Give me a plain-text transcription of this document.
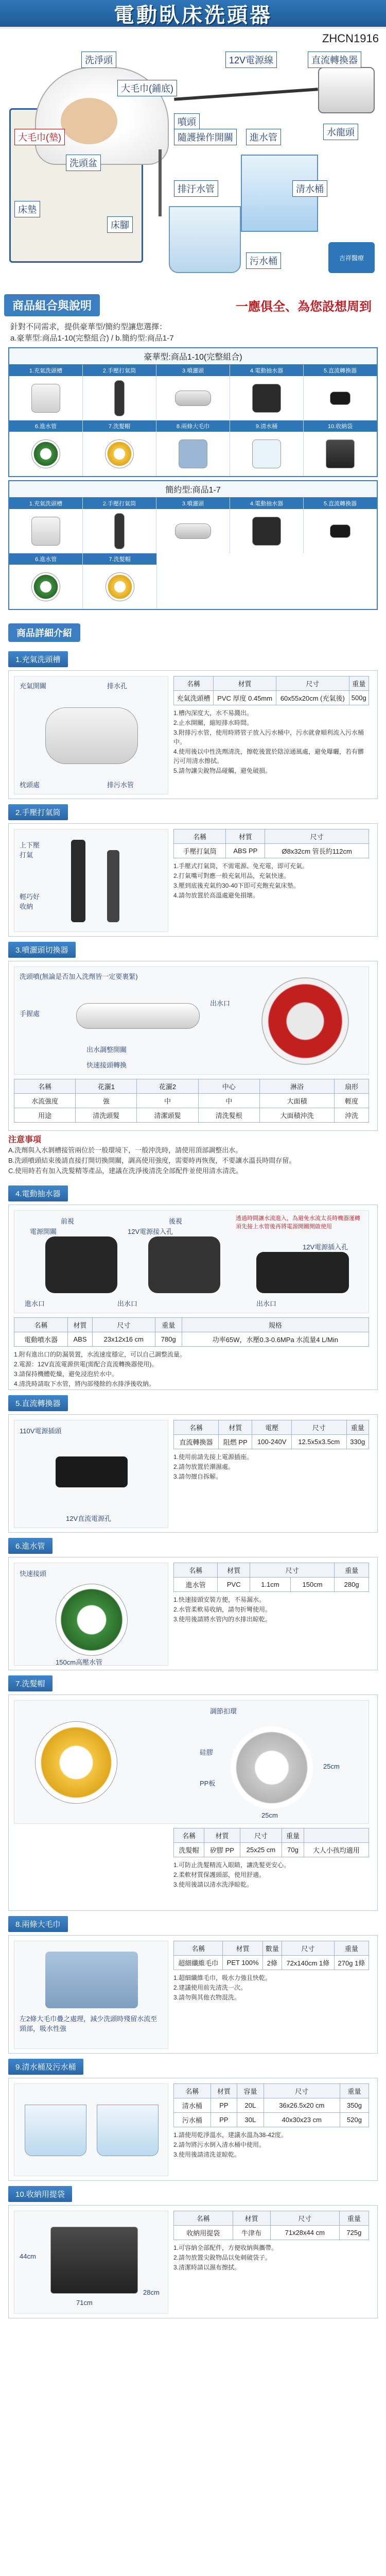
電動臥床洗頭器
ZHCN1916
吉祥醫療
12V電源線	直流轉換器
水龍頭
進水管
大毛巾(鋪底)
噴頭
隨護操作開關
洗頭盆
清水桶
排汙水管
污水桶
床腳
床墊
大毛巾(墊)
洗淨頭
商品組合與說明	一應俱全、為您設想周到
針對不同需求，提供豪華型/簡約型讓您選擇：
a.豪華型:商品1-10(完整組合) / b.簡約型:商品1-7
豪華型:商品1-10(完整組合)
1.充氣洗頭槽	2.手壓打氣筒	3.噴灑頭	4.電動抽水器	5.直流轉換器
6.進水管	7.洗髮帽	8.兩條大毛巾	9.清水桶	10.收納袋
簡約型:商品1-7
1.充氣洗頭槽	2.手壓打氣筒	3.噴灑頭	4.電動抽水器	5.直流轉換器
6.進水管	7.洗髮帽
商品詳細介紹
1.充氣洗頭槽
充氣開關	排水孔
枕頭處	排污水管
名稱	材質	尺寸	重量
充氣洗頭槽	PVC 厚度 0.45mm	60x55x20cm (充氣後)	500g
1.槽內深度大，水不易濺出。
2.止水開關，縮短排水時間。
3.附排污水管，使用時將管子放入污水桶中，污水就會順利流入污水桶中。
4.使用後以中性洗劑清洗，擦乾後置於陰涼通風處，避免曝曬，若有髒污可用清水擦拭。
5.請勿讓尖銳物品碰觸，避免破損。
2.手壓打氣筒
上下壓打氣
輕巧好收納
名稱	材質	尺寸
手壓打氣筒	ABS PP	Ø8x32cm 管長約112cm
1.手壓式打氣筒，不需電源、免充電，即可充氣。
2.打氣嘴可對應一般充氣用品，充氣快速。
3.壓到底後充氣約30-40下即可充飽充氣床墊。
4.請勿放置於高溫處避免損壞。
3.噴灑頭切換器
洗頭噴(無論是否加入洗劑皆一定要裹緊)
手握處
出水口
出水調整開關
快速接頭轉換
名稱	花灑1	花灑2	中心	淋浴	扇形
水流強度	強	中	中	大面積	輕度
用途	清洗頭髮	清潔頭髮	清洗髮根	大面積沖洗	沖洗
注意事項
A.洗劑與入水剝槽接管兩位於一般環境下，一般沖洗時，請使用頂部調整出水。
B.洗頭噴頭結束後請直接打開切換開關，調高使用強度，需要時再恢復，不要讓水溫長時間存留。
C.使用時若有加入洗髮精等產品，建議在洗淨後清洗全部配件並使用清水清洗。
4.電動抽水器
前視	後視
電源開關	12V電源接入孔
進水口	出水口	出水口
12V電源插入孔
透過時間讓水流進入，為避免水流太長時機器運轉須先接上水管後再將電源開關開啟使用
名稱	材質	尺寸	重量	規格
電動噴水器	ABS	23x12x16 cm	780g	功率65W，水壓0.3-0.6MPa 水流量4 L/Min
1.附有進出口的防漏裝置，水流速度穩定，可以自己調整流量。
2.電源：12V直流電源供電(需配合直流轉換器使用)。
3.請保持機體乾燥，避免浸泡於水中。
4.清洗時請取下水管，將內部殘餘的水排淨後收納。
5.直流轉換器
110V電源插頭
12V直流電源孔
名稱	材質	電壓	尺寸	重量
直流轉換器	阻燃 PP	100-240V	12.5x5x3.5cm	330g
1.使用前請先接上電源插座。
2.請勿放置於潮濕處。
3.請勿擅自拆解。
6.進水管
快速接頭
150cm高壓水管
名稱	材質	尺寸		重量
進水管	PVC	1.1cm	150cm	280g
1.快速接頭安裝方便，不易漏水。
2.水管柔軟易收納，請勿折彎使用。
3.使用後請將水管內的水排出晾乾。
7.洗髮帽
調節扣環
硅膠
PP板
25cm
25cm
名稱	材質	尺寸	重量	
洗髮帽	矽膠 PP	25x25 cm	70g	大人小孩均適用
1.可防止洗髮精流入眼睛，讓洗髮更安心。
2.柔軟材質保護頭部，使用舒適。
3.使用後請以清水洗淨晾乾。
8.兩條大毛巾
左2條大毛巾疊之處理，減少洗頭時殘留水流至頸部，吸水性強
名稱	材質	數量	尺寸	重量
超細纖維毛巾	PET 100%	2條	72x140cm 1條	270g 1條
1.超細纖維毛巾，吸水力強且快乾。
2.建議使用前先清洗一次。
3.請勿與其他衣物混洗。
9.清水桶及污水桶
名稱	材質	容量	尺寸	重量
清水桶	PP	20L	36x26.5x20 cm	350g
污水桶	PP	30L	40x30x23 cm	520g
1.請使用乾淨溫水，建議水溫為38-42度。
2.請勿將污水倒入清水桶中使用。
3.使用後請清洗並晾乾。
10.收納用提袋
44cm
71cm
28cm
名稱	材質	尺寸	重量
收納用提袋	牛津布	71x28x44 cm	725g
1.可容納全部配件，方便收納與攜帶。
2.請勿放置尖銳物品以免刺破袋子。
3.清潔時請以濕布擦拭。
